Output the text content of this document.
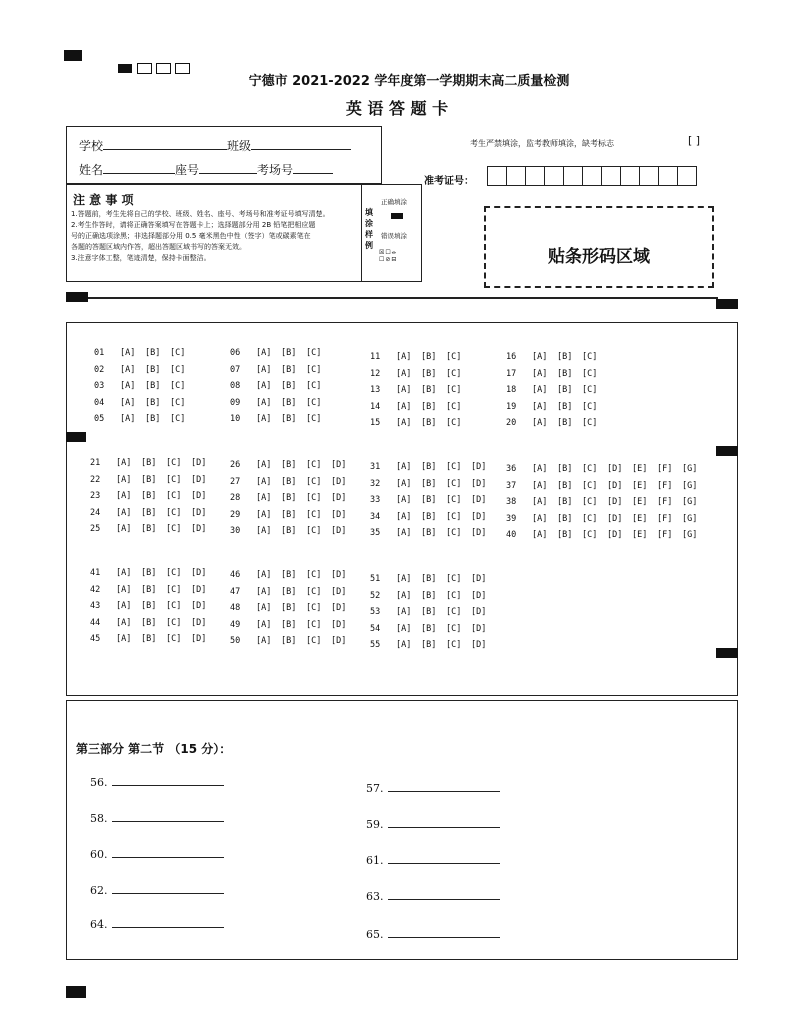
宁德市 2021-2022 学年度第一学期期末高二质量检测
英 语 答 题 卡
学校	班级
姓名	座号	考场号
考生严禁填涂，监考教师填涂，缺考标志	[ ]
准考证号：
注 意 事 项

1.答题前，考生先将自己的学校、班级、姓名、座号、考场号和准考证号填写清楚。

2.考生作答时，请将正确答案填写在答题卡上；选择题部分用 2B 铅笔把相应题

号的正确选项涂黑；非选择题部分用 0.5 毫米黑色中性（签字）笔或碳素笔在

各题的答题区域内作答，超出答题区域书写的答案无效。

3.注意字体工整，笔迹清楚，保持卡面整洁。

填涂样例
正确填涂
错误填涂
☒☐⦵
☐⊘⊟	贴条形码区域
01 [A] [B] [C]
02 [A] [B] [C]
03 [A] [B] [C]
04 [A] [B] [C]
05 [A] [B] [C]
06 [A] [B] [C]
07 [A] [B] [C]
08 [A] [B] [C]
09 [A] [B] [C]
10 [A] [B] [C]
11 [A] [B] [C]
12 [A] [B] [C]
13 [A] [B] [C]
14 [A] [B] [C]
15 [A] [B] [C]
16 [A] [B] [C]
17 [A] [B] [C]
18 [A] [B] [C]
19 [A] [B] [C]
20 [A] [B] [C]
21 [A] [B] [C] [D]
22 [A] [B] [C] [D]
23 [A] [B] [C] [D]
24 [A] [B] [C] [D]
25 [A] [B] [C] [D]
26 [A] [B] [C] [D]
27 [A] [B] [C] [D]
28 [A] [B] [C] [D]
29 [A] [B] [C] [D]
30 [A] [B] [C] [D]
31 [A] [B] [C] [D]
32 [A] [B] [C] [D]
33 [A] [B] [C] [D]
34 [A] [B] [C] [D]
35 [A] [B] [C] [D]
36 [A] [B] [C] [D] [E] [F] [G]
37 [A] [B] [C] [D] [E] [F] [G]
38 [A] [B] [C] [D] [E] [F] [G]
39 [A] [B] [C] [D] [E] [F] [G]
40 [A] [B] [C] [D] [E] [F] [G]
41 [A] [B] [C] [D]
42 [A] [B] [C] [D]
43 [A] [B] [C] [D]
44 [A] [B] [C] [D]
45 [A] [B] [C] [D]
46 [A] [B] [C] [D]
47 [A] [B] [C] [D]
48 [A] [B] [C] [D]
49 [A] [B] [C] [D]
50 [A] [B] [C] [D]
51 [A] [B] [C] [D]
52 [A] [B] [C] [D]
53 [A] [B] [C] [D]
54 [A] [B] [C] [D]
55 [A] [B] [C] [D]
第三部分 第二节 （15 分）：
56.
58.
60.
62.
64.
57.
59.
61.
63.
65.
